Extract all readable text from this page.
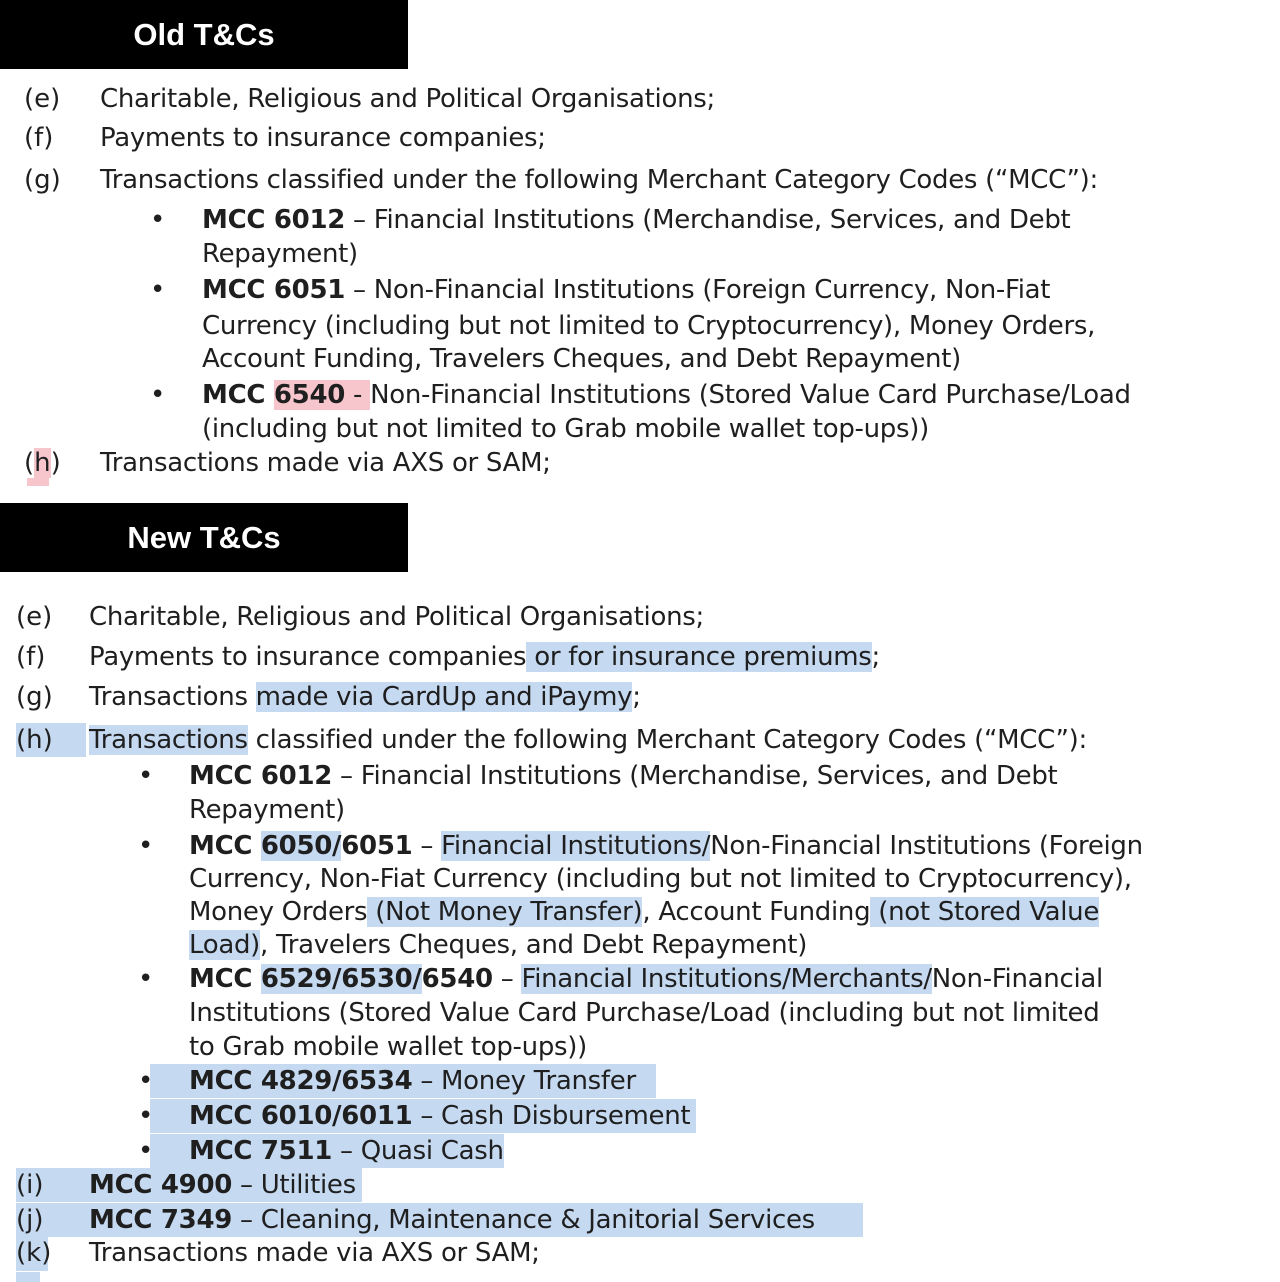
Old T&Cs
(e) Charitable, Religious and Political Organisations;
(f) Payments to insurance companies;
(g) Transactions classified under the following Merchant Category Codes (“MCC”):
• MCC 6012 – Financial Institutions (Merchandise, Services, and Debt
Repayment)
• MCC 6051 – Non-Financial Institutions (Foreign Currency, Non-Fiat
Currency (including but not limited to Cryptocurrency), Money Orders,
Account Funding, Travelers Cheques, and Debt Repayment)
• MCC 6540 - Non-Financial Institutions (Stored Value Card Purchase/Load
(including but not limited to Grab mobile wallet top-ups))
(h) Transactions made via AXS or SAM;
New T&Cs
(e) Charitable, Religious and Political Organisations;
(f) Payments to insurance companies or for insurance premiums;
(g) Transactions made via CardUp and iPaymy;
(h) Transactions classified under the following Merchant Category Codes (“MCC”):
• MCC 6012 – Financial Institutions (Merchandise, Services, and Debt
Repayment)
• MCC 6050/6051 – Financial Institutions/Non-Financial Institutions (Foreign
Currency, Non-Fiat Currency (including but not limited to Cryptocurrency),
Money Orders (Not Money Transfer), Account Funding (not Stored Value
Load), Travelers Cheques, and Debt Repayment)
• MCC 6529/6530/6540 – Financial Institutions/Merchants/Non-Financial
Institutions (Stored Value Card Purchase/Load (including but not limited
to Grab mobile wallet top-ups))
• MCC 4829/6534 – Money Transfer
• MCC 6010/6011 – Cash Disbursement
• MCC 7511 – Quasi Cash
(i) MCC 4900 – Utilities
(j) MCC 7349 – Cleaning, Maintenance & Janitorial Services
(k) Transactions made via AXS or SAM;
